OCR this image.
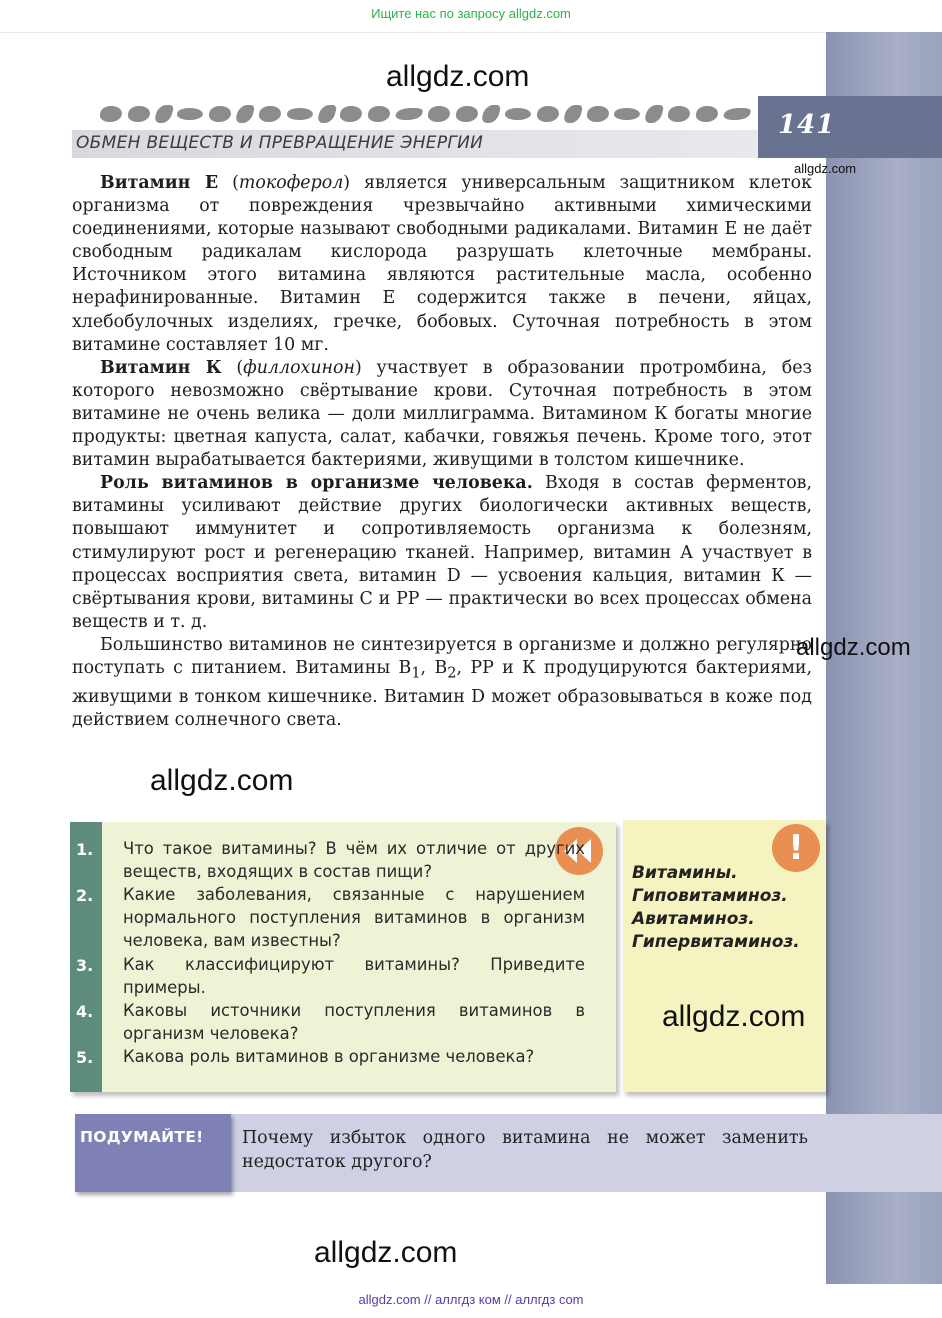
Ищите нас по запросу allgdz.com
141
allgdz.com
allgdz.com
ОБМЕН ВЕЩЕСТВ И ПРЕВРАЩЕНИЕ ЭНЕРГИИ

Витамин Е (токоферол) является универсальным защитником клеток организма от повреждения чрезвычайно активными химическими соединениями, которые называют свободными радикалами. Витамин Е не даёт свободным радикалам кислорода разрушать клеточные мембраны. Источником этого витамина являются растительные масла, особенно нерафинированные. Витамин Е содержится также в печени, яйцах, хлебобулочных изделиях, гречке, бобовых. Суточная потребность в этом витамине составляет 10 мг.

Витамин К (филлохинон) участвует в образовании протромбина, без которого невозможно свёртывание крови. Суточная потребность в этом витамине не очень велика — доли миллиграмма. Витамином К богаты многие продукты: цветная капуста, салат, кабачки, говяжья печень. Кроме того, этот витамин вырабатывается бактериями, живущими в толстом кишечнике.

Роль витаминов в организме человека. Входя в состав ферментов, витамины усиливают действие других биологически активных веществ, повышают иммунитет и сопротивляемость организма к болезням, стимулируют рост и регенерацию тканей. Например, витамин А участвует в процессах восприятия света, витамин D — усвоения кальция, витамин К — свёртывания крови, витамины С и РР — практически во всех процессах обмена веществ и т. д.

Большинство витаминов не синтезируется в организме и должно регулярно поступать с питанием. Витамины $В_1$, $В_2$, РР и К продуцируются бактериями, живущими в тонком кишечнике. Витамин D может образовываться в коже под действием солнечного света.

allgdz.com
allgdz.com
1. Что такое витамины? В чём их отличие от других веществ, входящих в состав пищи?
2. Какие заболевания, связанные с нарушением нормального поступления витаминов в организм человека, вам известны?
3. Как классифицируют витамины? Приведите примеры.
4. Каковы источники поступления витаминов в организм человека?
5. Какова роль витаминов в организме человека?
!
Витамины.
Гиповитаминоз.
Авитаминоз.
Гипервитаминоз.
allgdz.com
ПОДУМАЙТЕ! Почему избыток одного витамина не может заменить недостаток другого?
allgdz.com
allgdz.com // аллгдз ком // аллгдз com
